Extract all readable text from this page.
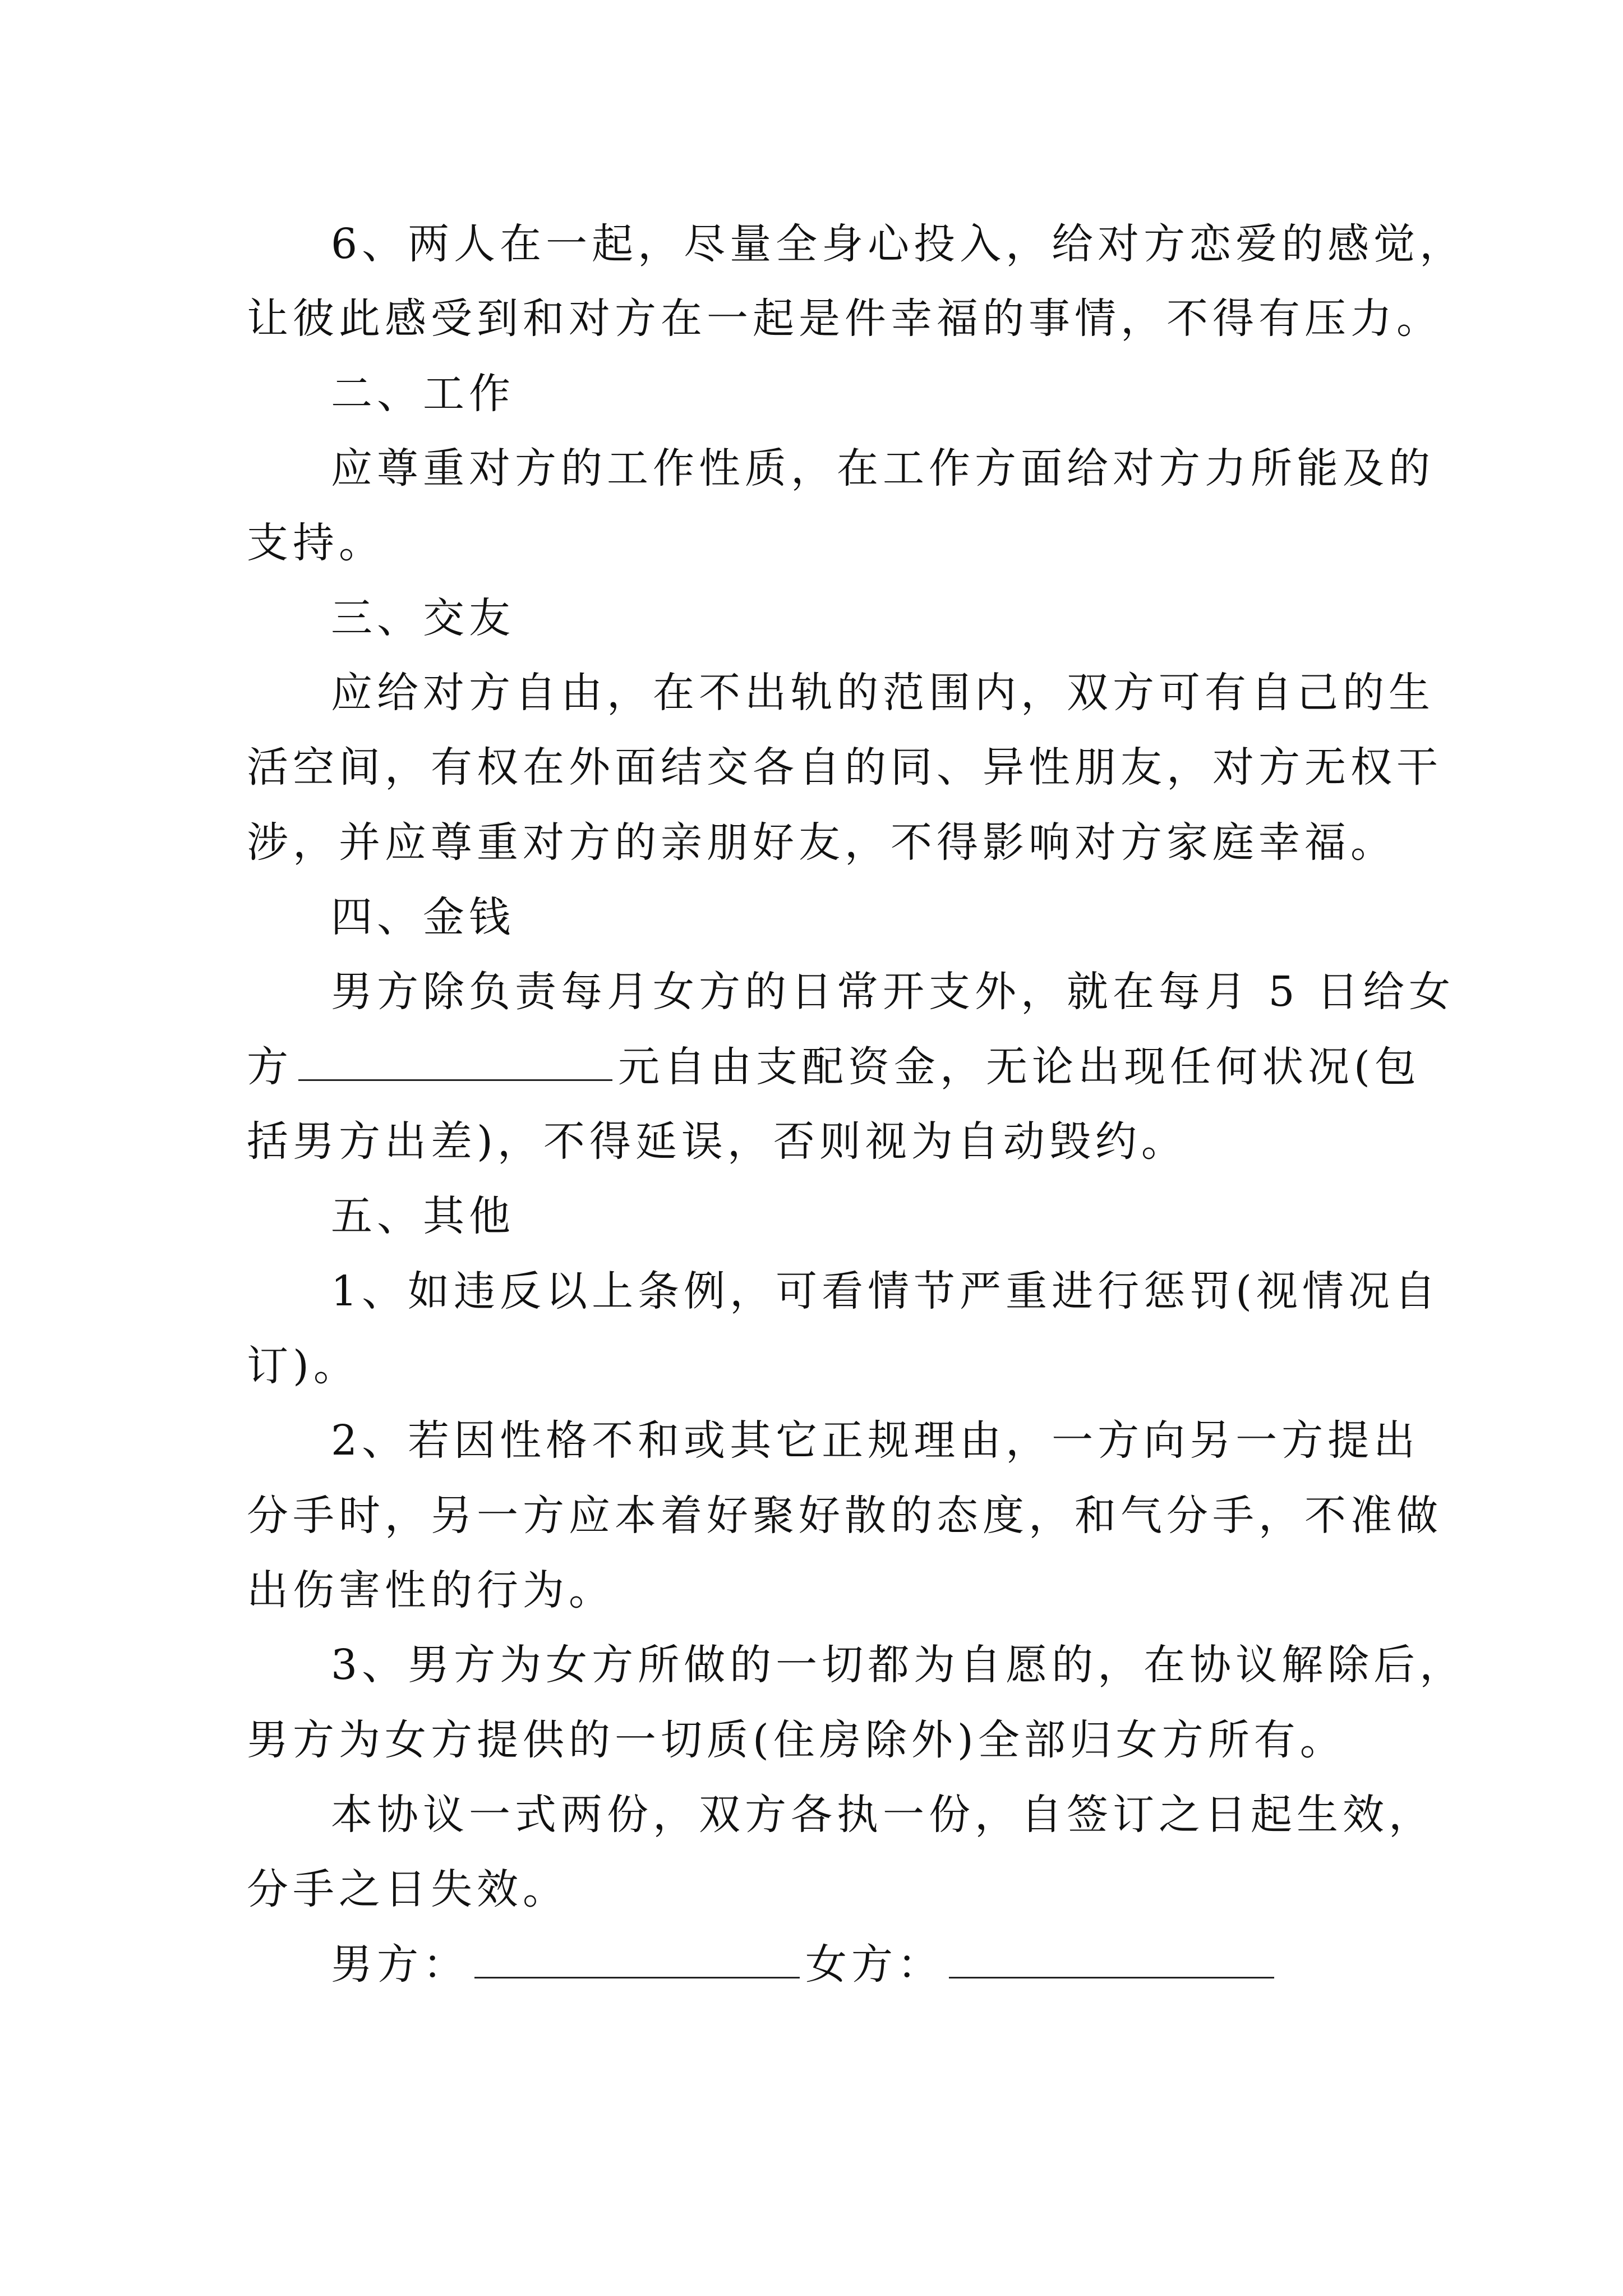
6、两人在一起，尽量全身心投入，给对方恋爱的感觉，
让彼此感受到和对方在一起是件幸福的事情，不得有压力。
二、工作
应尊重对方的工作性质，在工作方面给对方力所能及的
支持。
三、交友
应给对方自由，在不出轨的范围内，双方可有自己的生
活空间，有权在外面结交各自的同、异性朋友，对方无权干
涉，并应尊重对方的亲朋好友，不得影响对方家庭幸福。
四、金钱
男方除负责每月女方的日常开支外，就在每月 5 日给女
方	元自由支配资金，无论出现任何状况(包
括男方出差)，不得延误，否则视为自动毁约。
五、其他
1、如违反以上条例，可看情节严重进行惩罚(视情况自
订)。
2、若因性格不和或其它正规理由，一方向另一方提出
分手时，另一方应本着好聚好散的态度，和气分手，不准做
出伤害性的行为。
3、男方为女方所做的一切都为自愿的，在协议解除后，
男方为女方提供的一切质(住房除外)全部归女方所有。
本协议一式两份，双方各执一份，自签订之日起生效，
分手之日失效。
男方：	女方：
